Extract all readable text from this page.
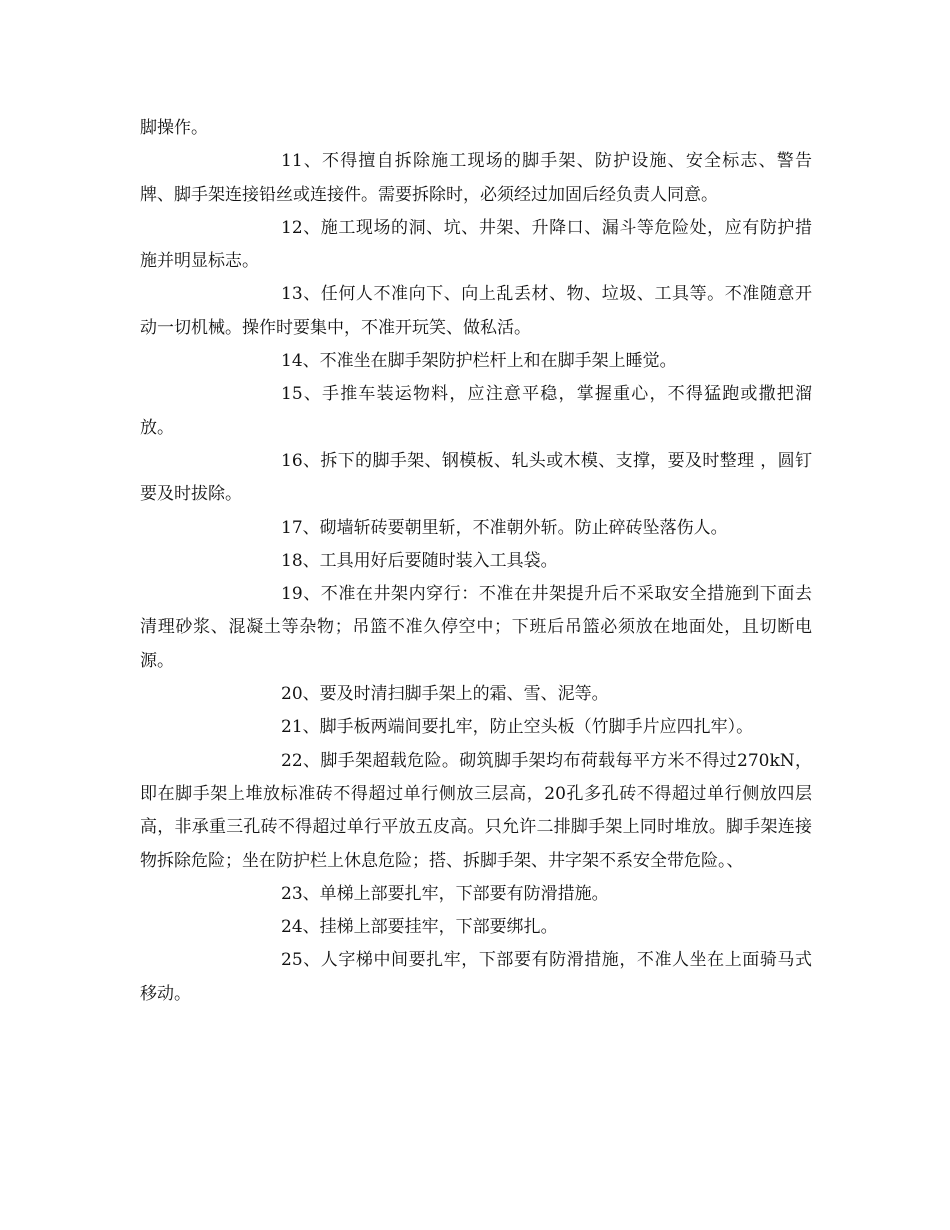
脚操作。

11、不得擅自拆除施工现场的脚手架、防护设施、安全标志、警告牌、脚手架连接铅丝或连接件。需要拆除时，必须经过加固后经负责人同意。

12、施工现场的洞、坑、井架、升降口、漏斗等危险处，应有防护措施并明显标志。

13、任何人不准向下、向上乱丢材、物、垃圾、工具等。不准随意开动一切机械。操作时要集中，不准开玩笑、做私活。

14、不准坐在脚手架防护栏杆上和在脚手架上睡觉。

15、手推车装运物料，应注意平稳，掌握重心，不得猛跑或撒把溜放。

16、拆下的脚手架、钢模板、轧头或木模、支撑，要及时整理 ，圆钉要及时拔除。

17、砌墙斩砖要朝里斩，不准朝外斩。防止碎砖坠落伤人。

18、工具用好后要随时装入工具袋。

19、不准在井架内穿行：不准在井架提升后不采取安全措施到下面去清理砂浆、混凝土等杂物；吊篮不准久停空中；下班后吊篮必须放在地面处，且切断电源。

20、要及时清扫脚手架上的霜、雪、泥等。

21、脚手板两端间要扎牢，防止空头板（竹脚手片应四扎牢）。

22、脚手架超载危险。砌筑脚手架均布荷载每平方米不得过270kN，即在脚手架上堆放标准砖不得超过单行侧放三层高，20孔多孔砖不得超过单行侧放四层高，非承重三孔砖不得超过单行平放五皮高。只允许二排脚手架上同时堆放。脚手架连接物拆除危险；坐在防护栏上休息危险；搭、拆脚手架、井字架不系安全带危险。、

23、单梯上部要扎牢，下部要有防滑措施。

24、挂梯上部要挂牢，下部要绑扎。

25、人字梯中间要扎牢，下部要有防滑措施，不准人坐在上面骑马式移动。
